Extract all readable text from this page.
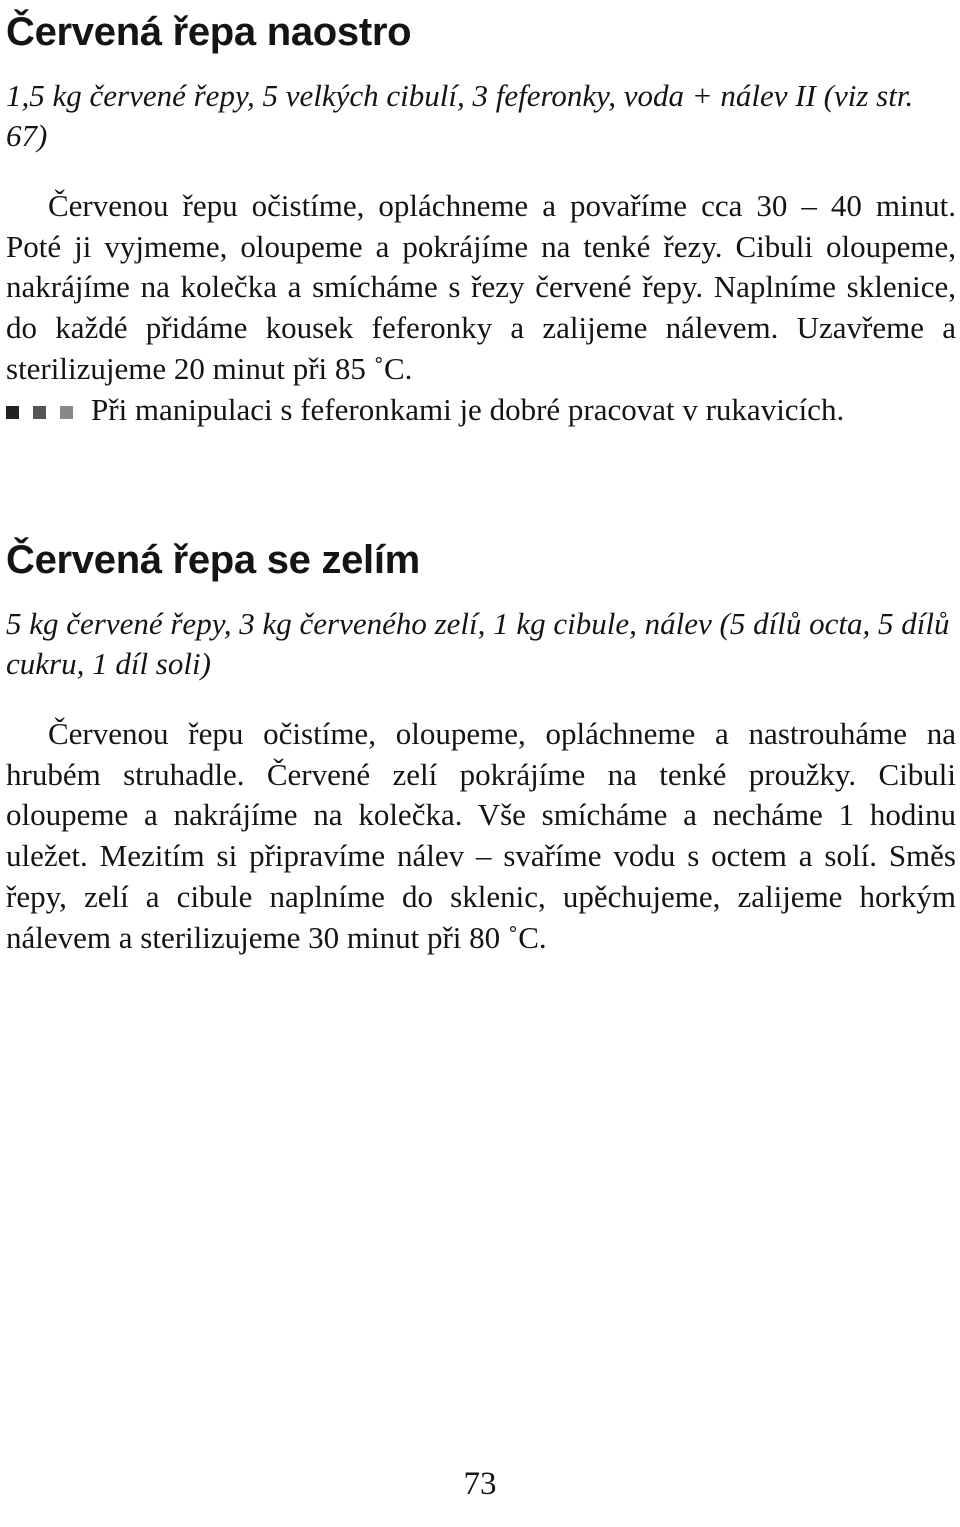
Červená řepa naostro

1,5 kg červené řepy, 5 velkých cibulí, 3 feferonky, voda + nálev II (viz str. 67)

Červenou řepu očistíme, opláchneme a povaříme cca 30 – 40 minut. Poté ji vyjmeme, oloupeme a pokrájíme na tenké řezy. Cibuli oloupeme, nakrájíme na kolečka a smícháme s řezy červené řepy. Naplníme sklenice, do každé přidáme kousek feferonky a zalijeme nálevem. Uzavřeme a sterilizujeme 20 minut při 85 ˚C.

Při manipulaci s feferonkami je dobré pracovat v rukavicích.

Červená řepa se zelím

5 kg červené řepy, 3 kg červeného zelí, 1 kg cibule, nálev (5 dílů octa, 5 dílů cukru, 1 díl soli)

Červenou řepu očistíme, oloupeme, opláchneme a nastrouháme na hrubém struhadle. Červené zelí pokrájíme na tenké proužky. Cibuli oloupeme a nakrájíme na kolečka. Vše smícháme a necháme 1 hodinu uležet. Mezitím si připravíme nálev – svaříme vodu s octem a solí. Směs řepy, zelí a cibule naplníme do sklenic, upěchujeme, zalijeme horkým nálevem a sterilizujeme 30 minut při 80 ˚C.

73
